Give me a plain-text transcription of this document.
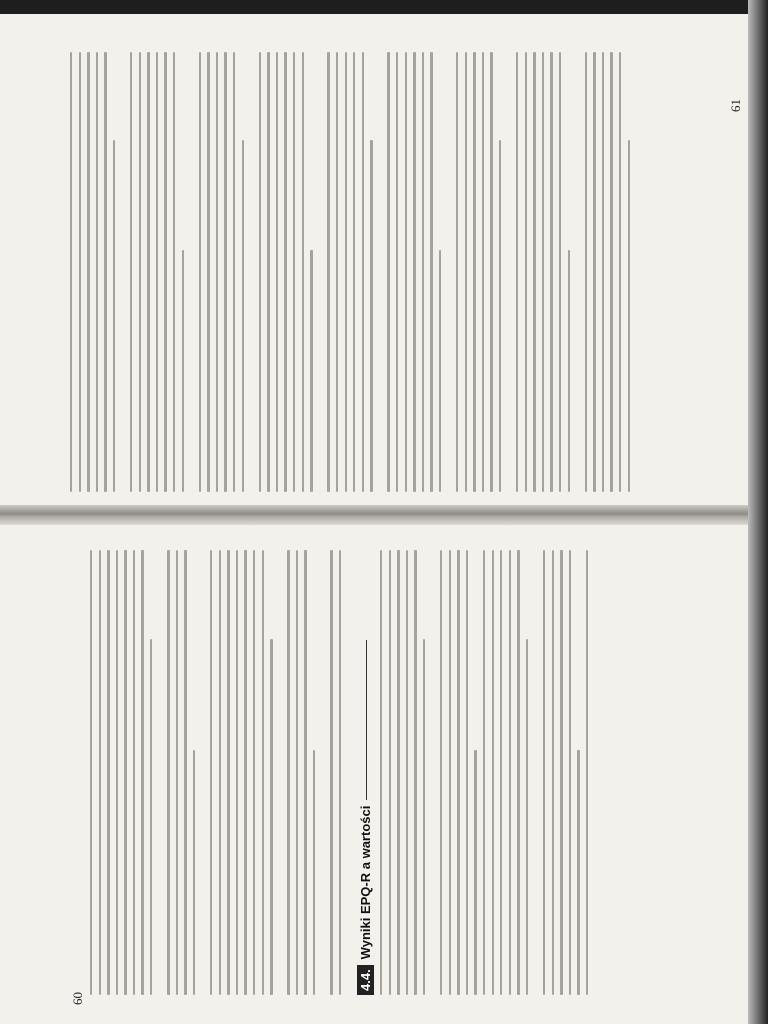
61
60
4.4.Wyniki EPQ-R a wartości
